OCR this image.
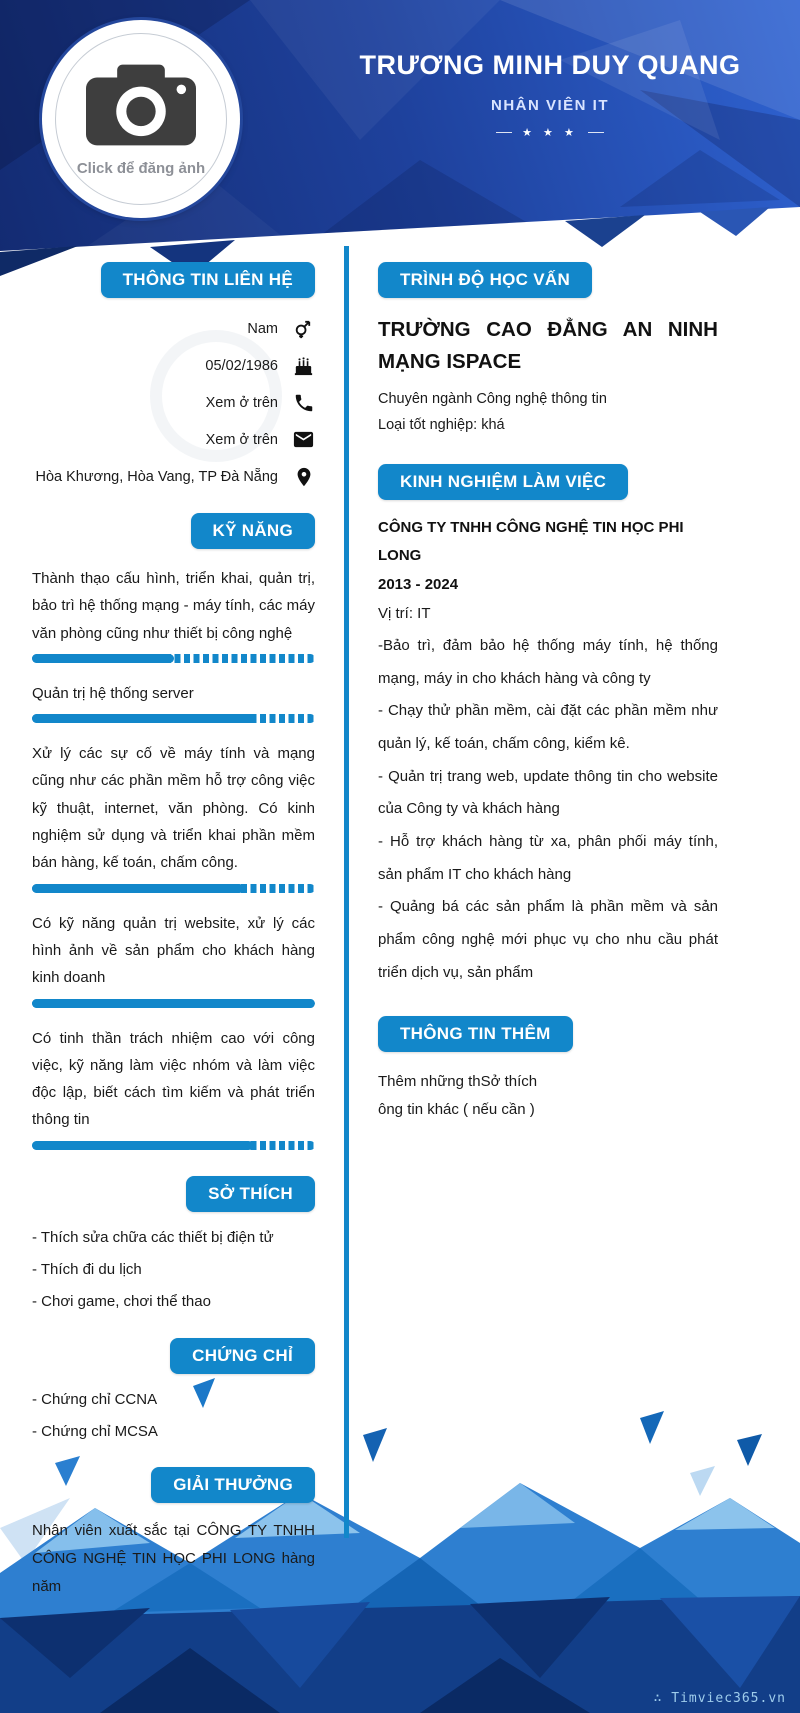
Click để đăng ảnh
TRƯƠNG MINH DUY QUANG
NHÂN VIÊN IT
★ ★ ★
THÔNG TIN LIÊN HỆ
Nam
05/02/1986
Xem ở trên
Xem ở trên
Hòa Khương, Hòa Vang, TP Đà Nẵng
KỸ NĂNG

Thành thạo cấu hình, triển khai, quản trị, bảo trì hệ thống mạng - máy tính, các máy văn phòng cũng như thiết bị công nghệ

Quản trị hệ thống server

Xử lý các sự cố về máy tính và mạng cũng như các phần mềm hỗ trợ công việc kỹ thuật, internet, văn phòng. Có kinh nghiệm sử dụng và triển khai phần mềm bán hàng, kế toán, chấm công.

Có kỹ năng quản trị website, xử lý các hình ảnh về sản phẩm cho khách hàng kinh doanh

Có tinh thần trách nhiệm cao với công việc, kỹ năng làm việc nhóm và làm việc độc lập, biết cách tìm kiếm và phát triển thông tin

SỞ THÍCH

- Thích sửa chữa các thiết bị điện tử

- Thích đi du lịch

- Chơi game, chơi thể thao

CHỨNG CHỈ

- Chứng chỉ CCNA

- Chứng chỉ MCSA

GIẢI THƯỞNG

Nhân viên xuất sắc tại CÔNG TY TNHH CÔNG NGHỆ TIN HỌC PHI LONG hàng năm

TRÌNH ĐỘ HỌC VẤN
TRƯỜNG CAO ĐẲNG AN NINH MẠNG ISPACE

Chuyên ngành Công nghệ thông tin

Loại tốt nghiệp: khá

KINH NGHIỆM LÀM VIỆC

CÔNG TY TNHH CÔNG NGHỆ TIN HỌC PHI LONG

2013 - 2024

Vị trí: IT

-Bảo trì, đảm bảo hệ thống máy tính, hệ thống mạng, máy in cho khách hàng và công ty

- Chạy thử phần mềm, cài đặt các phần mềm như quản lý, kế toán, chấm công, kiểm kê.

- Quản trị trang web, update thông tin cho website của Công ty và khách hàng

- Hỗ trợ khách hàng từ xa, phân phối máy tính, sản phẩm IT cho khách hàng

- Quảng bá các sản phẩm là phần mềm và sản phẩm công nghệ mới phục vụ cho nhu cầu phát triển dịch vụ, sản phẩm

THÔNG TIN THÊM

Thêm những thSở thích

ông tin khác ( nếu cần )

∴ Timviec365.vn
